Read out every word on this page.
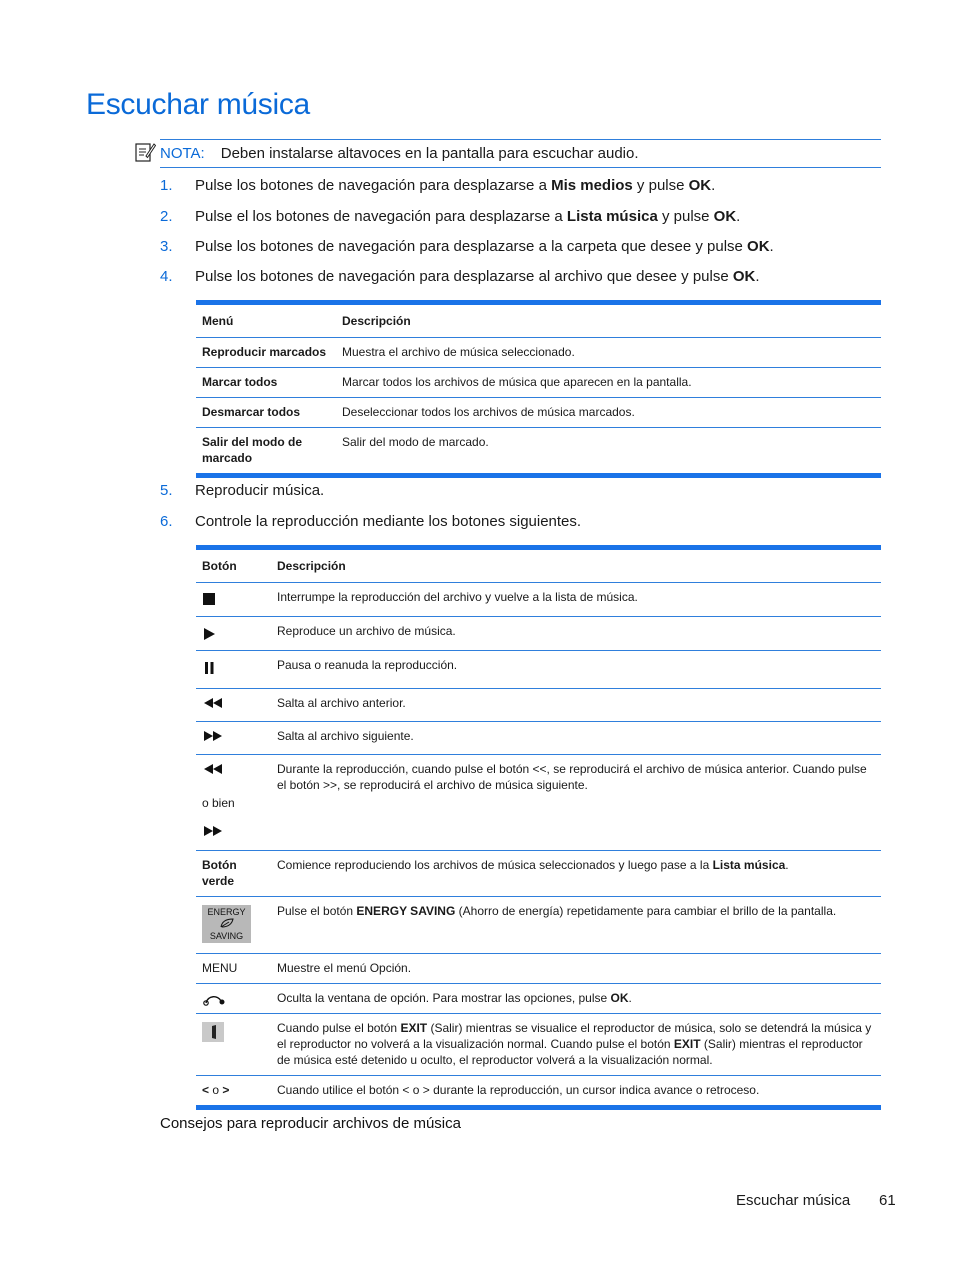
Escuchar música
NOTA: Deben instalarse altavoces en la pantalla para escuchar audio.
1. Pulse los botones de navegación para desplazarse a Mis medios y pulse OK.
2. Pulse el los botones de navegación para desplazarse a Lista música y pulse OK.
3. Pulse los botones de navegación para desplazarse a la carpeta que desee y pulse OK.
4. Pulse los botones de navegación para desplazarse al archivo que desee y pulse OK.
Menú	Descripción
Reproducir marcados	Muestra el archivo de música seleccionado.
Marcar todos	Marcar todos los archivos de música que aparecen en la pantalla.
Desmarcar todos	Deseleccionar todos los archivos de música marcados.
Salir del modo de marcado	Salir del modo de marcado.
5. Reproducir música.
6. Controle la reproducción mediante los botones siguientes.
Botón	Descripción

	Interrumpe la reproducción del archivo y vuelve a la lista de música.

	Reproduce un archivo de música.

	Pausa o reanuda la reproducción.

	Salta al archivo anterior.

	Salta al archivo siguiente.

o bien	Durante la reproducción, cuando pulse el botón <<, se reproducirá el archivo de música anterior. Cuando pulse el botón >>, se reproducirá el archivo de música siguiente.
Botón verde	Comience reproduciendo los archivos de música seleccionados y luego pase a la Lista música.

ENERGY
SAVING	Pulse el botón ENERGY SAVING (Ahorro de energía) repetidamente para cambiar el brillo de la pantalla.
MENU	Muestre el menú Opción.

	Oculta la ventana de opción. Para mostrar las opciones, pulse OK.
	Cuando pulse el botón EXIT (Salir) mientras se visualice el reproductor de música, solo se detendrá la música y el reproductor no volverá a la visualización normal. Cuando pulse el botón EXIT (Salir) mientras el reproductor de música esté detenido u oculto, el reproductor volverá a la visualización normal.
< o >	Cuando utilice el botón < o > durante la reproducción, un cursor indica avance o retroceso.
Consejos para reproducir archivos de música
Escuchar música 61
